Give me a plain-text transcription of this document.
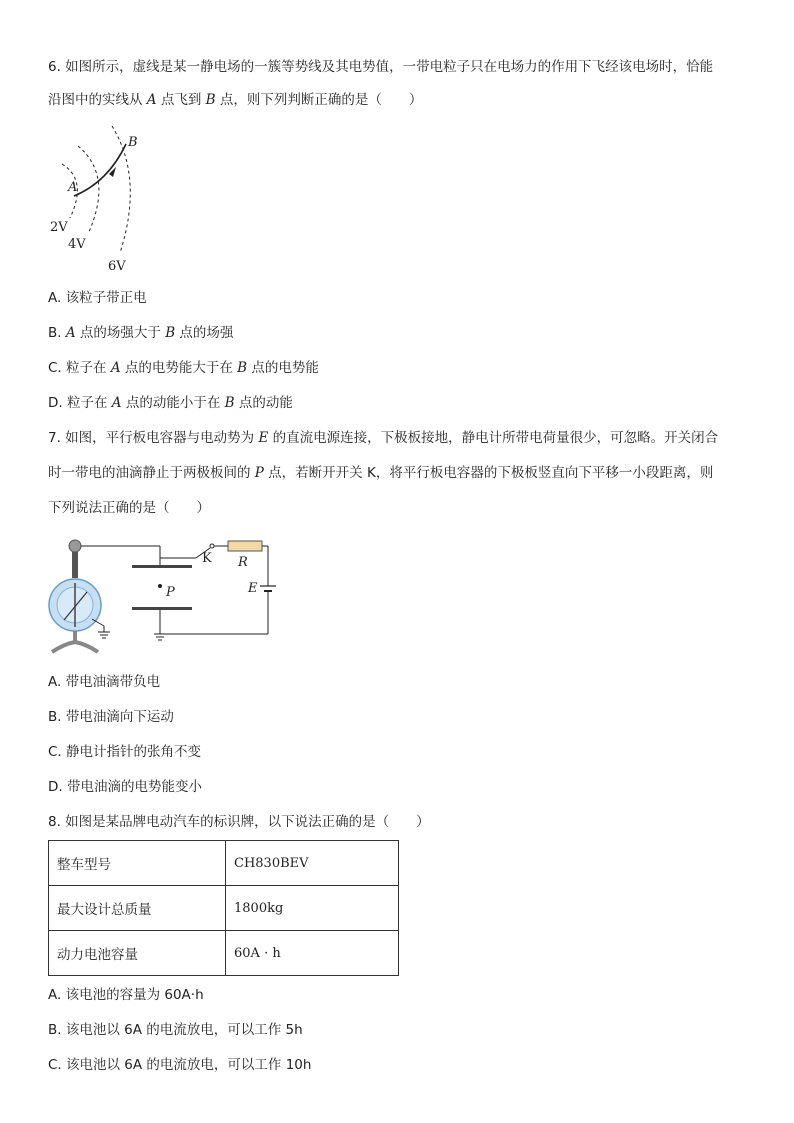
6. 如图所示，虚线是某一静电场的一簇等势线及其电势值，一带电粒子只在电场力的作用下飞经该电场时，恰能
沿图中的实线从 A 点飞到 B 点，则下列判断正确的是（　　）
A
B
2V
4V
6V
A. 该粒子带正电
B. A 点的场强大于 B 点的场强
C. 粒子在 A 点的电势能大于在 B 点的电势能
D. 粒子在 A 点的动能小于在 B 点的动能
7. 如图，平行板电容器与电动势为 E 的直流电源连接，下极板接地，静电计所带电荷量很少，可忽略。开关闭合
时一带电的油滴静止于两极板间的 P 点，若断开开关 K，将平行板电容器的下极板竖直向下平移一小段距离，则
下列说法正确的是（　　）
P
K R
E
A. 带电油滴带负电
B. 带电油滴向下运动
C. 静电计指针的张角不变
D. 带电油滴的电势能变小
8. 如图是某品牌电动汽车的标识牌，以下说法正确的是（　　）
整车型号	CH830BEV
最大设计总质量	1800kg
动力电池容量	60A · h
A. 该电池的容量为 60A·h
B. 该电池以 6A 的电流放电，可以工作 5h
C. 该电池以 6A 的电流放电，可以工作 10h
